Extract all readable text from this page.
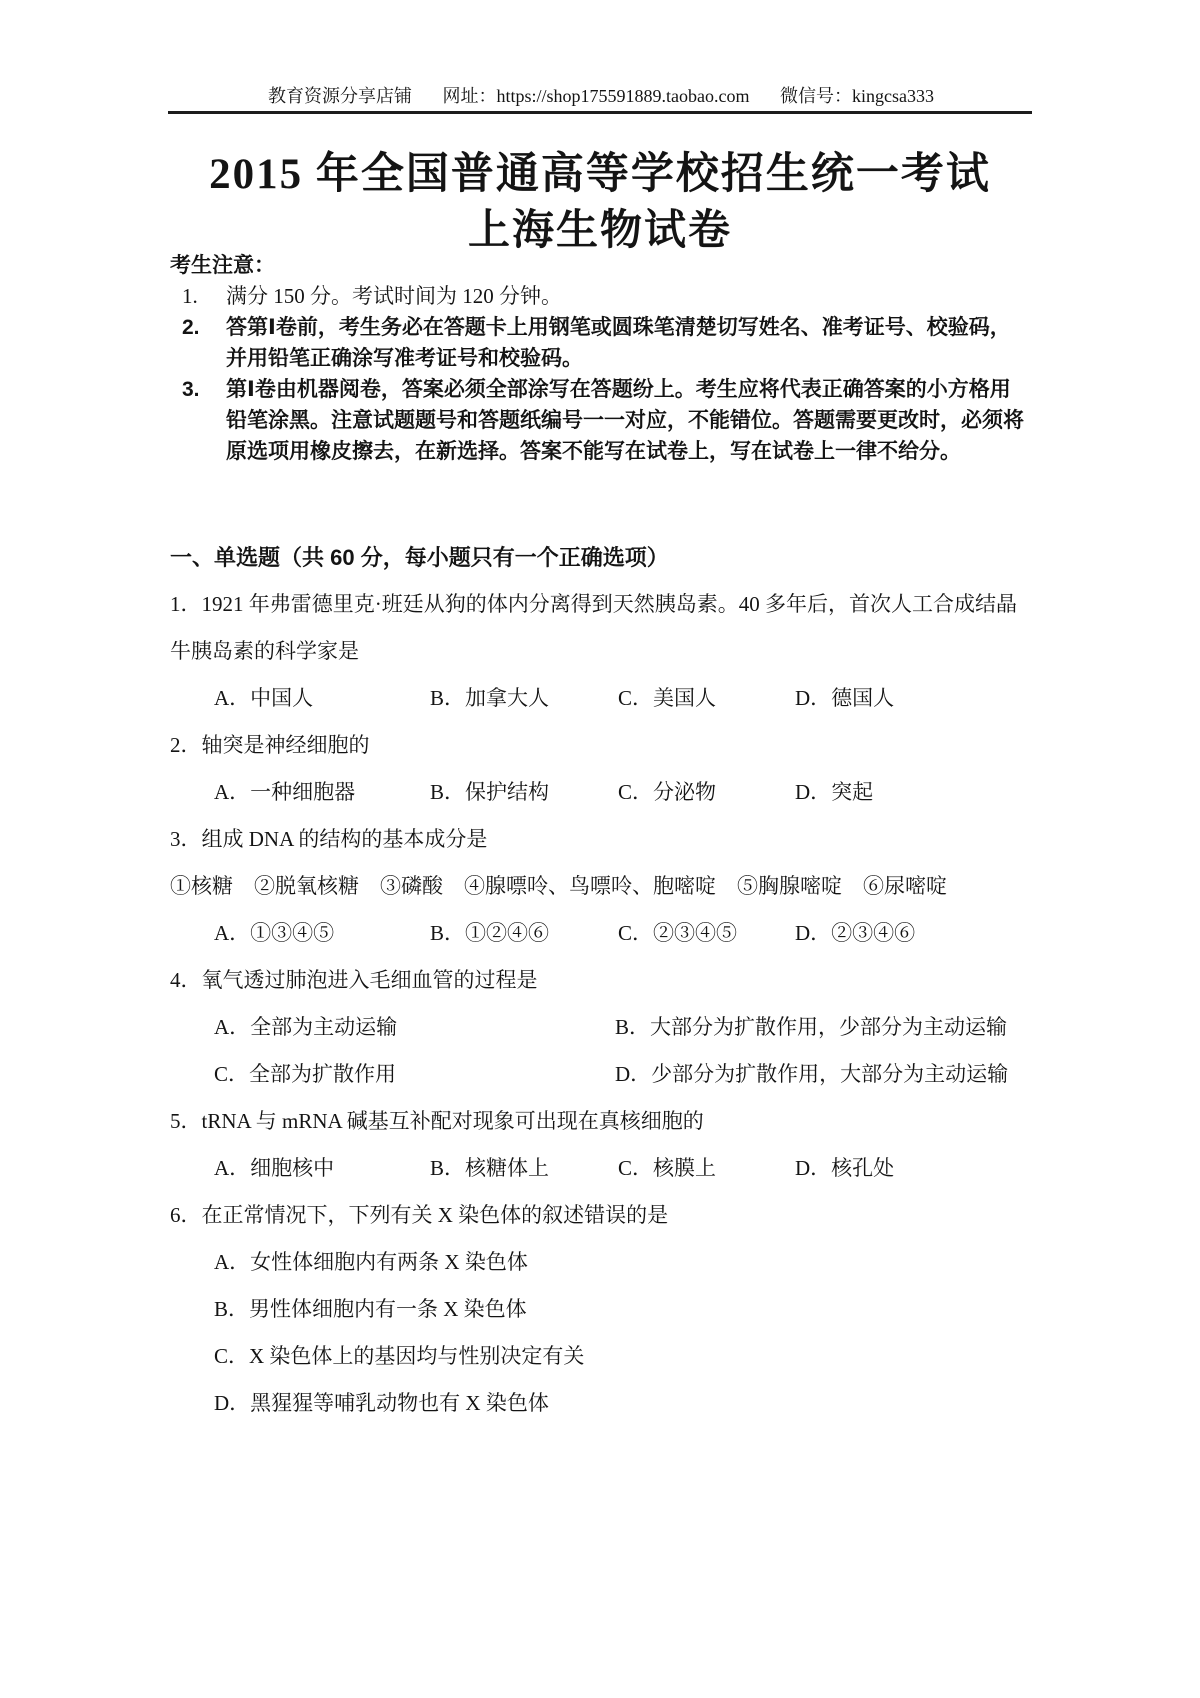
教育资源分享店铺 网址：https://shop175591889.taobao.com 微信号：kingcsa333
2015 年全国普通高等学校招生统一考试
上海生物试卷
考生注意：
1. 满分 150 分。考试时间为 120 分钟。
2. 答第Ⅰ卷前，考生务必在答题卡上用钢笔或圆珠笔清楚切写姓名、准考证号、校验码，并用铅笔正确涂写准考证号和校验码。
3. 第Ⅰ卷由机器阅卷，答案必须全部涂写在答题纷上。考生应将代表正确答案的小方格用铅笔涂黑。注意试题题号和答题纸编号一一对应，不能错位。答题需要更改时，必须将原选项用橡皮擦去，在新选择。答案不能写在试卷上，写在试卷上一律不给分。
一、单选题（共 60 分，每小题只有一个正确选项）

1．1921 年弗雷德里克·班廷从狗的体内分离得到天然胰岛素。40 多年后，首次人工合成结晶牛胰岛素的科学家是

A．中国人	B．加拿大人	C．美国人	D．德国人

2．轴突是神经细胞的

A．一种细胞器	B．保护结构	C．分泌物	D．突起

3．组成 DNA 的结构的基本成分是

①核糖　②脱氧核糖　③磷酸　④腺嘌呤、鸟嘌呤、胞嘧啶　⑤胸腺嘧啶　⑥尿嘧啶

A．①③④⑤	B．①②④⑥	C．②③④⑤	D．②③④⑥

4．氧气透过肺泡进入毛细血管的过程是

A．全部为主动运输	B．大部分为扩散作用，少部分为主动运输
C．全部为扩散作用	D．少部分为扩散作用，大部分为主动运输

5．tRNA 与 mRNA 碱基互补配对现象可出现在真核细胞的

A．细胞核中	B．核糖体上	C．核膜上	D．核孔处

6．在正常情况下，下列有关 X 染色体的叙述错误的是

A．女性体细胞内有两条 X 染色体
B．男性体细胞内有一条 X 染色体
C．X 染色体上的基因均与性别决定有关
D．黑猩猩等哺乳动物也有 X 染色体
